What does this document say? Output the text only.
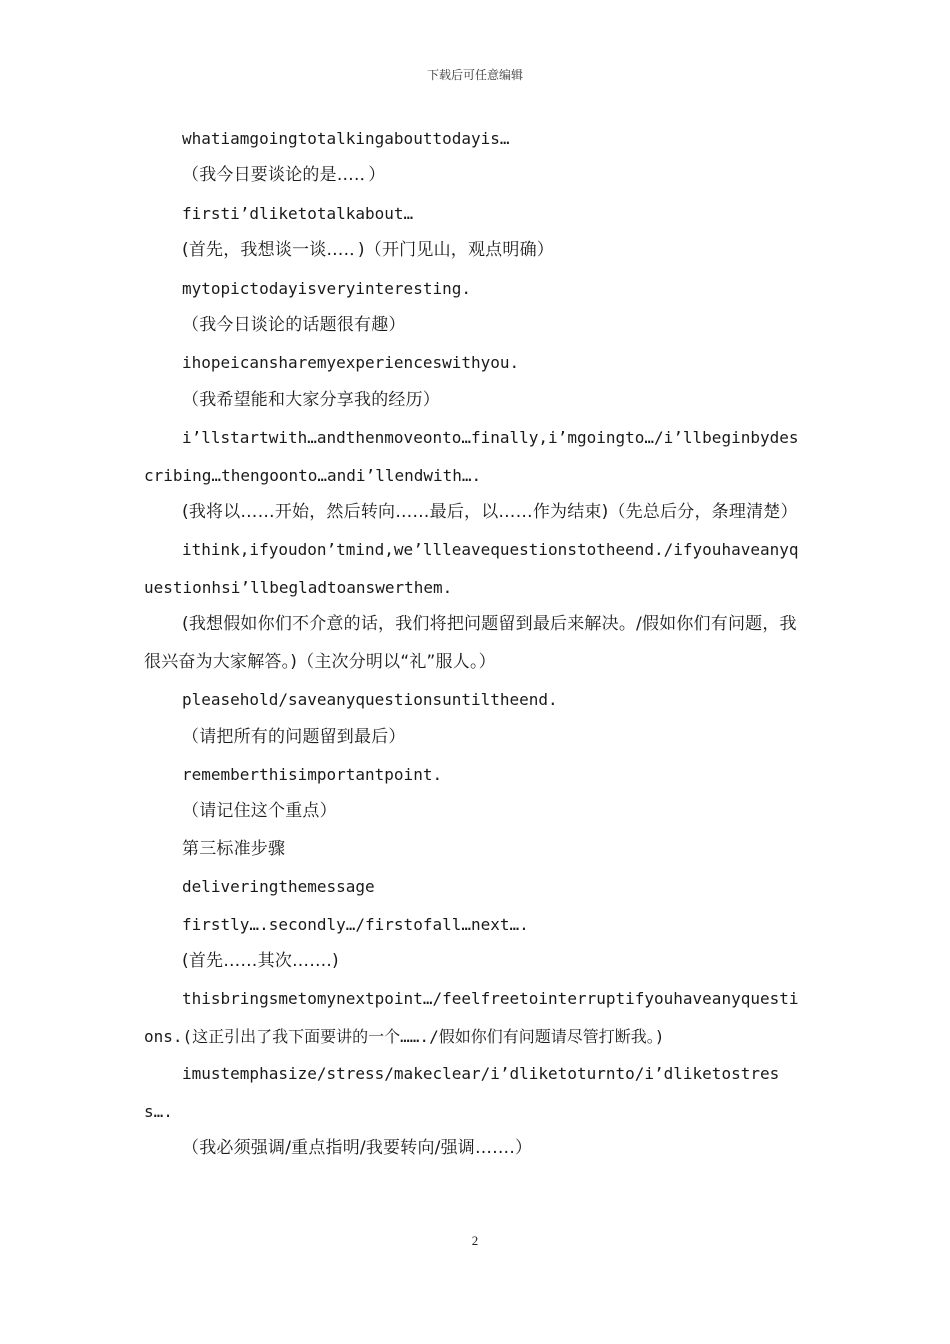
下载后可任意编辑
whatiamgoingtotalkingabouttodayis…
（我今日要谈论的是….．）
firsti’dliketotalkabout…
(首先，我想谈一谈….．)（开门见山，观点明确）
mytopictodayisveryinteresting.
（我今日谈论的话题很有趣）
ihopeicansharemyexperienceswithyou.
（我希望能和大家分享我的经历）
i’llstartwith…andthenmoveonto…finally,i’mgoingto…/i’llbeginbydescribing…thengoonto…andi’llendwith….
(我将以……开始，然后转向……最后，以……作为结束)（先总后分，条理清楚）
ithink,ifyoudon’tmind,we’llleavequestionstotheend./ifyouhaveanyquestionhsi’llbegladtoanswerthem.
(我想假如你们不介意的话，我们将把问题留到最后来解决。/假如你们有问题，我很兴奋为大家解答。)（主次分明以“礼”服人。）
pleasehold/saveanyquestionsuntiltheend.
（请把所有的问题留到最后）
rememberthisimportantpoint.
（请记住这个重点）
第三标准步骤
deliveringthemessage
firstly….secondly…/firstofall…next….
(首先……其次…….)
thisbringsmetomynextpoint…/feelfreetointerruptifyouhaveanyquestions.(这正引出了我下面要讲的一个……./假如你们有问题请尽管打断我。)
imustemphasize/stress/makeclear/i’dliketoturnto/i’dliketostress….
（我必须强调/重点指明/我要转向/强调…….）
2
